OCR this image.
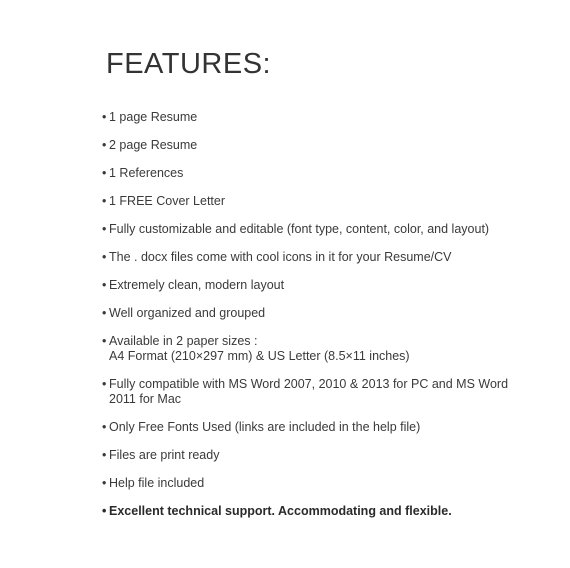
FEATURES:
• 1 page Resume
• 2 page Resume
• 1 References
• 1 FREE Cover Letter
• Fully customizable and editable (font type, content, color, and layout)
• The . docx files come with cool icons in it for your Resume/CV
• Extremely clean, modern layout
• Well organized and grouped
• Available in 2 paper sizes :
A4 Format (210×297 mm) & US Letter (8.5×11 inches)
• Fully compatible with MS Word 2007, 2010 & 2013 for PC and MS Word
2011 for Mac
• Only Free Fonts Used (links are included in the help file)
• Files are print ready
• Help file included
• Excellent technical support. Accommodating and flexible.
